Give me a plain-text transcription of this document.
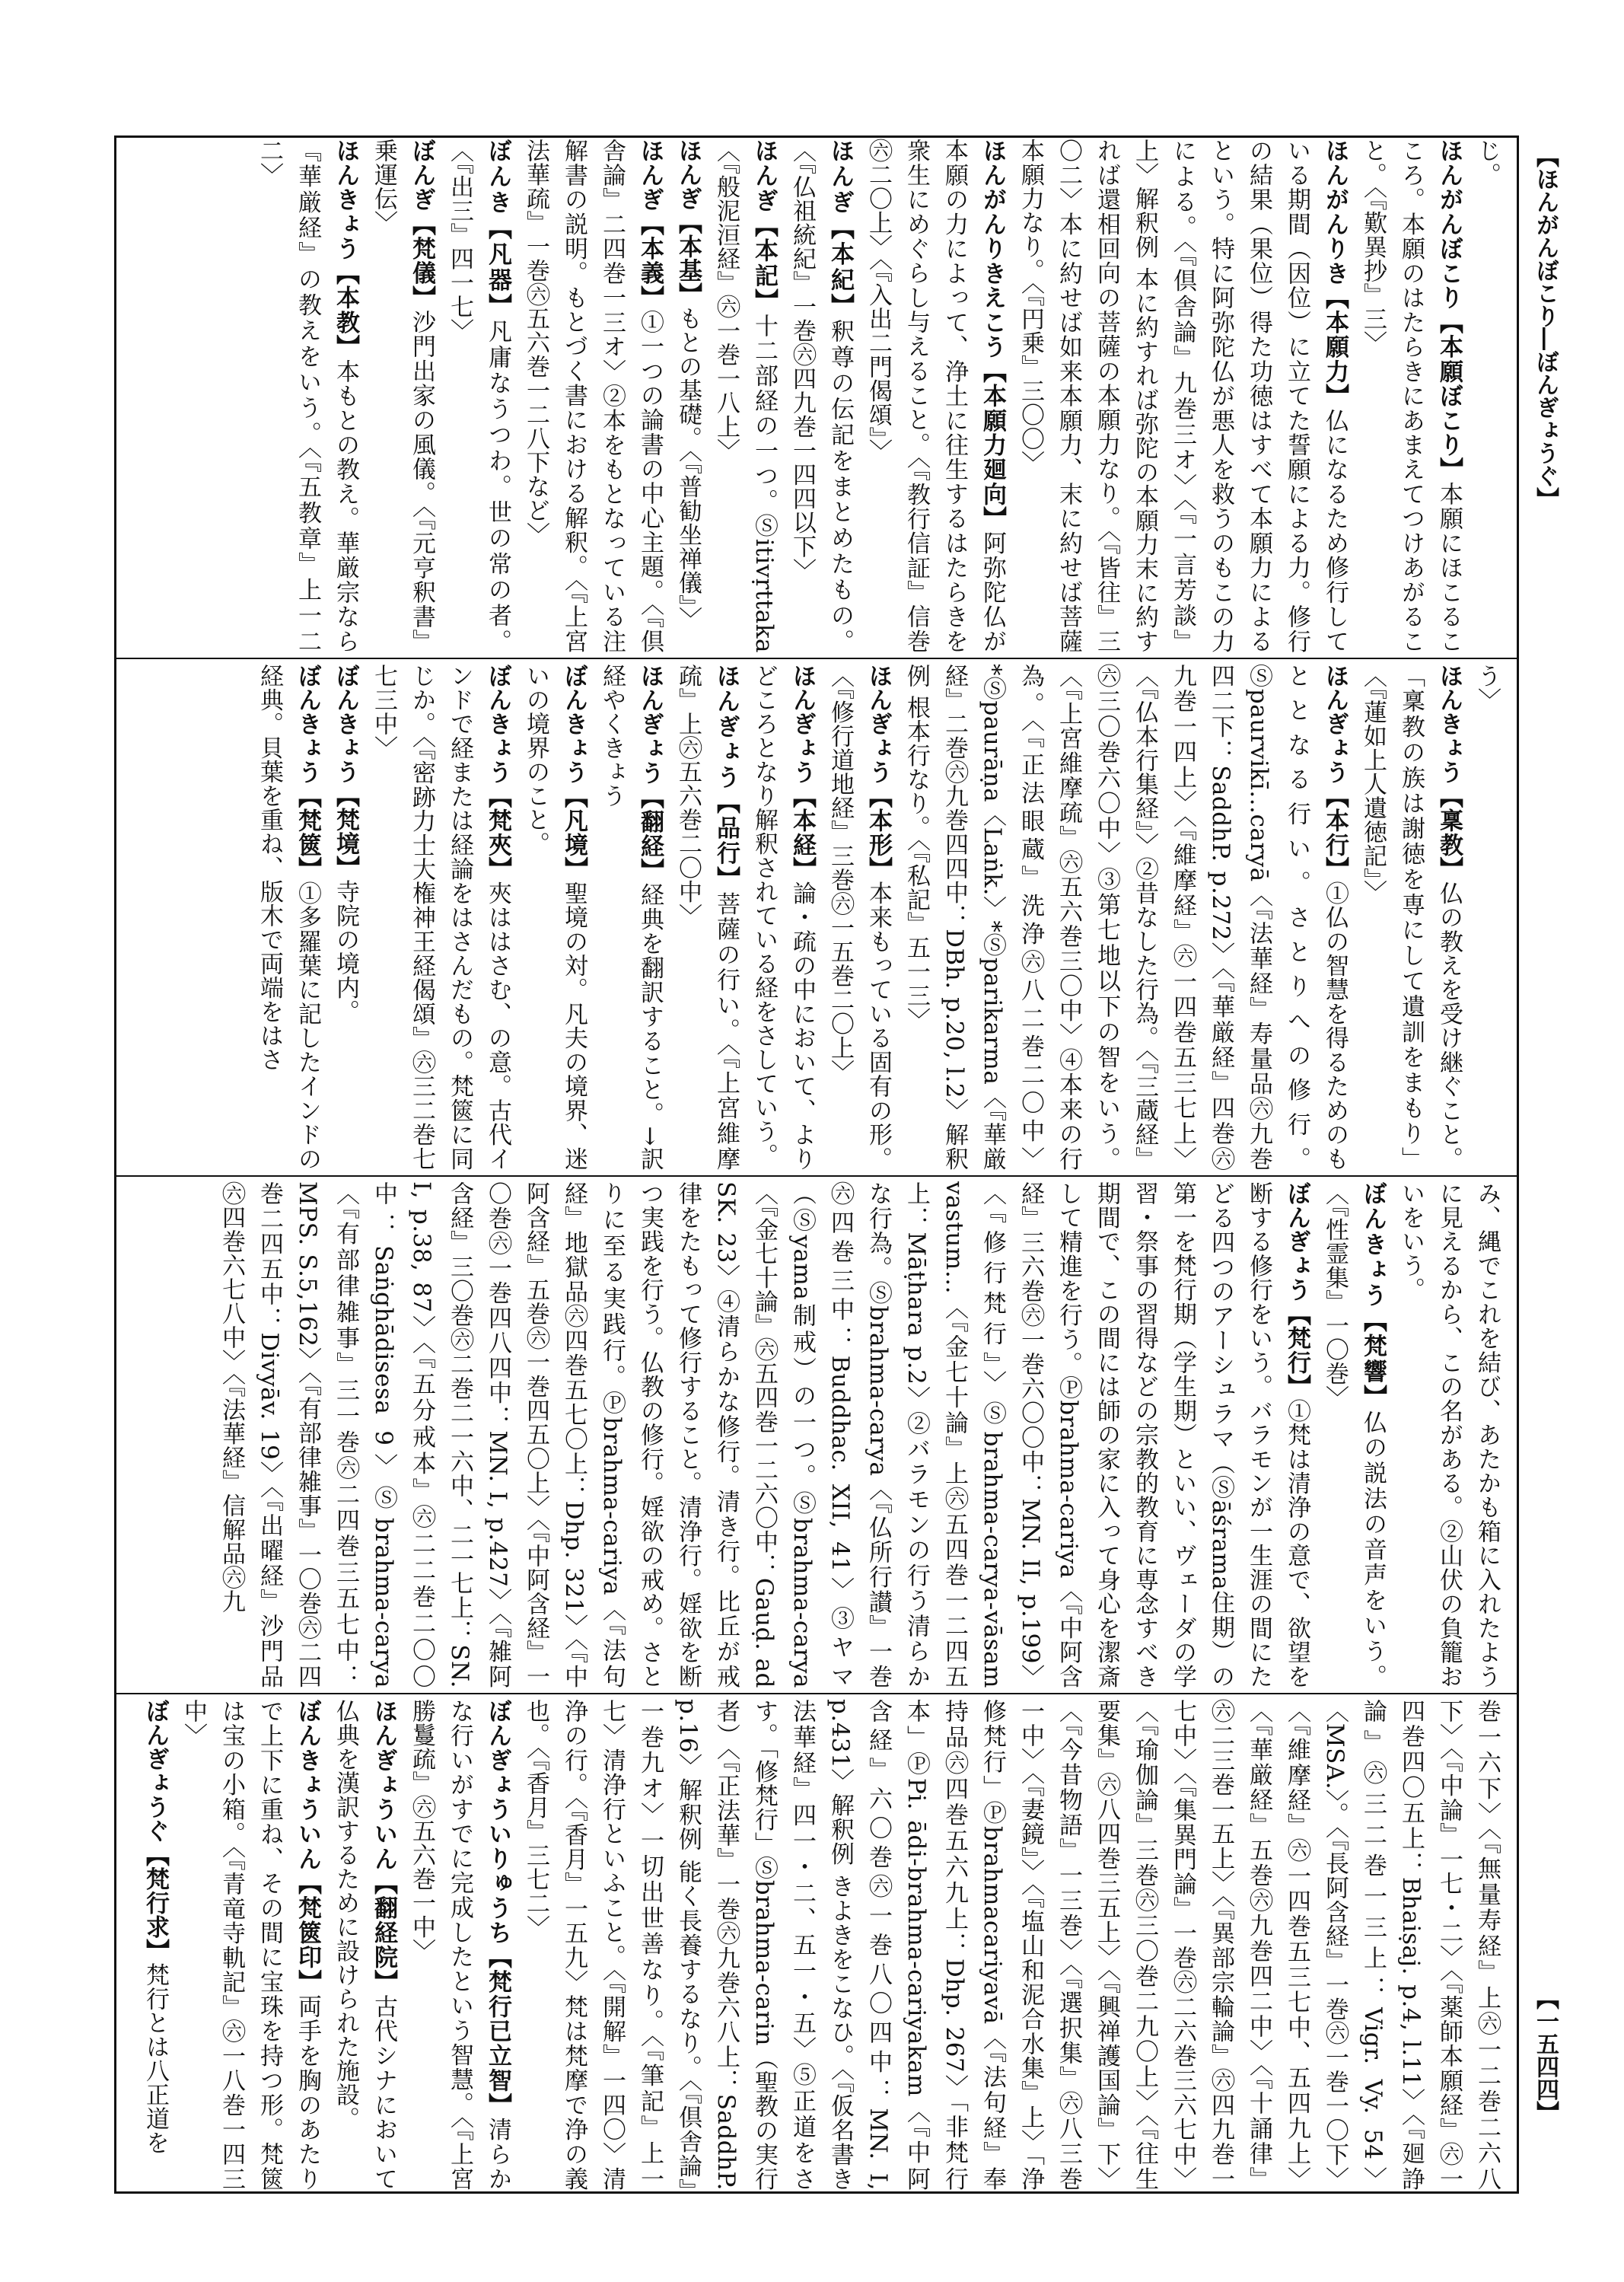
【ほんがんぼこり―ぼんぎょうぐ】
【一五四四】

じ。

ほんがんぼこり【本願ぼこり】本願にほこるこころ。本願のはたらきにあまえてつけあがること。〈『歎異抄』三〉

ほんがんりき【本願力】仏になるため修行している期間（因位）に立てた誓願による力。修行の結果（果位）得た功徳はすべて本願力によるという。特に阿弥陀仏が悪人を救うのもこの力による。〈『倶舎論』九巻三オ〉〈『一言芳談』上〉解釈例 本に約すれば弥陀の本願力末に約すれば還相回向の菩薩の本願力なり。〈『皆往』三〇二〉本に約せば如来本願力、末に約せば菩薩本願力なり。〈『円乗』三〇〇〉

ほんがんりきえこう【本願力廻向】阿弥陀仏が本願の力によって、浄土に往生するはたらきを衆生にめぐらし与えること。〈『教行信証』信巻㊅二〇上〉〈『入出二門偈頌』〉

ほんぎ【本紀】釈尊の伝記をまとめたもの。〈『仏祖統紀』一巻㊅四九巻一四四以下〉

ほんぎ【本記】十二部経の一つ。Ⓢitivṛttaka〈『般泥洹経』㊅一巻一八上〉

ほんぎ【本基】もとの基礎。〈『普勧坐禅儀』〉

ほんぎ【本義】①一つの論書の中心主題。〈『倶舎論』二四巻一三オ〉②本をもとなっている注解書の説明。もとづく書における解釈。〈『上宮法華疏』一巻㊅五六巻一二八下など〉

ぼんき【凡器】凡庸なうつわ。世の常の者。〈『出三』四一七〉

ぼんぎ【梵儀】沙門出家の風儀。〈『元亨釈書』乗運伝〉

ほんきょう【本教】本もとの教え。華厳宗なら『華厳経』の教えをいう。〈『五教章』上一二二〉

う〉

ほんきょう【稟教】仏の教えを受け継ぐこと。「稟教の族は謝徳を専にして遺訓をまもり」〈『蓮如上人遺徳記』〉

ほんぎょう【本行】①仏の智慧を得るためのもととなる行い。さとりへの修行。Ⓢpaurvikī…caryā〈『法華経』寿量品㊅九巻四二下：SaddhP. p.272〉〈『華厳経』四巻㊅九巻一四上〉〈『維摩経』㊅一四巻五三七上〉〈『仏本行集経』〉②昔なした行為。〈『三蔵経』㊅三〇巻六〇中〉③第七地以下の智をいう。〈『上宮維摩疏』㊅五六巻三〇中〉④本来の行為。〈『正法眼蔵』洗浄㊅八二巻二〇中〉*Ⓢpaurāṇa〈Laṅk.〉*Ⓢparikarma〈『華厳経』二巻㊅九巻四四中：DBh. p.20, l.2〉解釈例 根本行なり。〈『私記』五一三〉

ほんぎょう【本形】本来もっている固有の形。〈『修行道地経』三巻㊅一五巻二〇上〉

ほんぎょう【本経】論・疏の中において、よりどころとなり解釈されている経をさしていう。

ほんぎょう【品行】菩薩の行い。〈『上宮維摩疏』上㊅五六巻二〇中〉

ほんぎょう【翻経】経典を翻訳すること。→訳経やくきょう

ぼんきょう【凡境】聖境の対。凡夫の境界、迷いの境界のこと。

ぼんきょう【梵夾】夾ははさむ、の意。古代インドで経または経論をはさんだもの。梵篋に同じか。〈『密跡力士大権神王経偈頌』㊅三二巻七七三中〉

ぼんきょう【梵境】寺院の境内。

ぼんきょう【梵篋】①多羅葉に記したインドの経典。貝葉を重ね、版木で両端をはさ

み、縄でこれを結び、あたかも箱に入れたように見えるから、この名がある。②山伏の負籠おいをいう。

ぼんきょう【梵響】仏の説法の音声をいう。〈『性霊集』一〇巻〉

ぼんぎょう【梵行】①梵は清浄の意で、欲望を断する修行をいう。バラモンが一生涯の間にたどる四つのアーシュラマ（Ⓢāśrama住期）の第一を梵行期（学生期）といい、ヴェーダの学習・祭事の習得などの宗教的教育に専念すべき期間で、この間には師の家に入って身心を潔斎して精進を行う。Ⓟbrahma-cariya〈『中阿含経』三六巻㊅一巻六〇〇中：MN. II, p.199〉〈『修行梵行』〉Ⓢbrahma-carya-vāsam vastum…〈『金七十論』上㊅五四巻一二四五上：Māṭhara p.2〉②バラモンの行う清らかな行為。Ⓢbrahma-carya〈『仏所行讃』一巻㊅四巻三中：Buddhac. XII, 41〉③ヤマ（Ⓢyama制戒）の一つ。Ⓢbrahma-carya〈『金七十論』㊅五四巻一二六〇中：Gauḍ. ad SK. 23〉④清らかな修行。清き行。比丘が戒律をたもって修行すること。清浄行。婬欲を断つ実践を行う。仏教の修行。婬欲の戒め。さとりに至る実践行。Ⓟbrahma-cariya〈『法句経』地獄品㊅四巻五七〇上：Dhp. 321〉〈『中阿含経』五巻㊅一巻四五〇上〉〈『中阿含経』一〇巻㊅一巻四八四中：MN. I, p.427〉〈『雑阿含経』三〇巻㊅二巻二一六中、二一七上：SN. I, p.38, 87〉〈『五分戒本』㊅二二巻二〇〇中：Saṅghādisesa 9〉Ⓢbrahma-carya〈『有部律雑事』三一巻㊅二四巻三五七中：MPS. S.5,162〉〈『有部律雑事』一〇巻㊅二四巻二四五中：Divyāv. 19〉〈『出曜経』沙門品㊅四巻六七八中〉〈『法華経』信解品㊅九

巻一六下〉〈『無量寿経』上㊅一二巻二六八下〉〈『中論』一七・二〉〈『薬師本願経』㊅一四巻四〇五上：Bhaiṣaj. p.4, l.11〉〈『廻諍論』㊅三二巻一三上：Vigr. Vy. 54〉〈MSA.〉。〈『長阿含経』一巻㊅一巻一〇下〉〈『維摩経』㊅一四巻五三七中、五四九上〉〈『華厳経』五巻㊅九巻四二中〉〈『十誦律』㊅二三巻一五上〉〈『異部宗輪論』㊅四九巻一七中〉〈『集異門論』一巻㊅二六巻三六七中〉〈『瑜伽論』三巻㊅三〇巻二九〇上〉〈『往生要集』㊅八四巻三五上〉〈『興禅護国論』下〉〈『今昔物語』一三巻〉〈『選択集』㊅八三巻一中〉〈『妻鏡』〉〈『塩山和泥合水集』上〉「浄修梵行」Ⓟbrahmacariyavā〈『法句経』奉持品㊅四巻五六九上：Dhp. 267〉「非梵行本」ⓅPi. ādi-brahma-cariyakam〈『中阿含経』六〇巻㊅一巻八〇四中：MN. I, p.431〉解釈例 きよきをこなひ。〈『仮名書き法華経』四一・二、五一・五〉⑤正道をさす。「修梵行」Ⓢbrahma-carin（聖教の実行者）〈『正法華』一巻㊅九巻六八上：SaddhP. p.16〉解釈例 能く長養するなり。〈『倶舎論』一巻九オ〉一切出世善なり。〈『筆記』上一七〉清浄行といふこと。〈『開解』一四〇〉清浄の行。〈『香月』一五九〉梵は梵摩で浄の義也。〈『香月』三七二〉

ぼんぎょういりゅうち【梵行已立智】清らかな行いがすでに完成したという智慧。〈『上宮勝鬘疏』㊅五六巻一中〉

ほんぎょういん【翻経院】古代シナにおいて仏典を漢訳するために設けられた施設。

ぼんきょういん【梵篋印】両手を胸のあたりで上下に重ね、その間に宝珠を持つ形。梵篋は宝の小箱。〈『青竜寺軌記』㊅一八巻一四三中〉

ぼんぎょうぐ【梵行求】梵行とは八正道を
